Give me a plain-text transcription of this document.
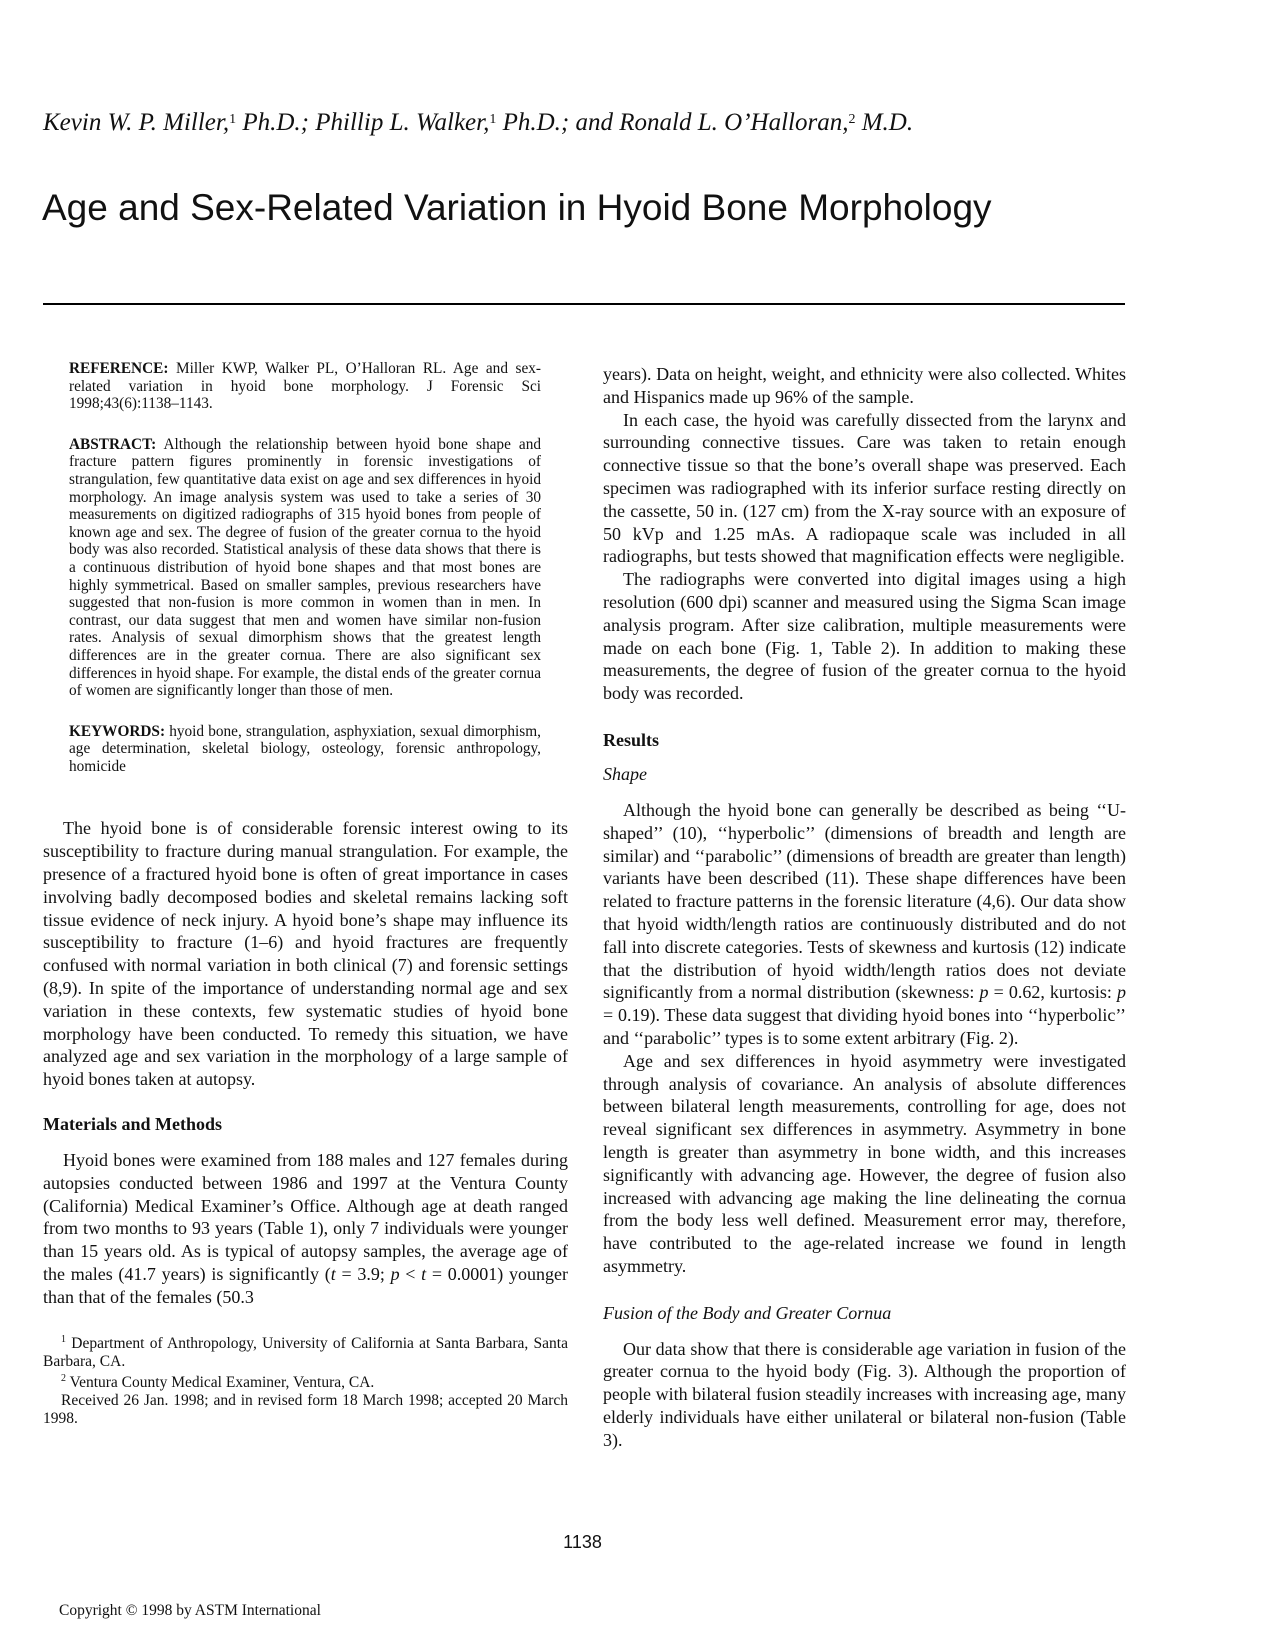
Kevin W. P. Miller,$^1$ Ph.D.; Phillip L. Walker,$^1$ Ph.D.; and Ronald L. O’Halloran,$^2$ M.D.
Age and Sex-Related Variation in Hyoid Bone Morphology

REFERENCE: Miller KWP, Walker PL, O’Halloran RL. Age and sex-related variation in hyoid bone morphology. J Forensic Sci 1998;43(6):1138–1143.

ABSTRACT: Although the relationship between hyoid bone shape and fracture pattern figures prominently in forensic investigations of strangulation, few quantitative data exist on age and sex differences in hyoid morphology. An image analysis system was used to take a series of 30 measurements on digitized radiographs of 315 hyoid bones from people of known age and sex. The degree of fusion of the greater cornua to the hyoid body was also recorded. Statistical analysis of these data shows that there is a continuous distribution of hyoid bone shapes and that most bones are highly symmetrical. Based on smaller samples, previous researchers have suggested that non-fusion is more common in women than in men. In contrast, our data suggest that men and women have similar non-fusion rates. Analysis of sexual dimorphism shows that the greatest length differences are in the greater cornua. There are also significant sex differences in hyoid shape. For example, the distal ends of the greater cornua of women are significantly longer than those of men.

KEYWORDS: hyoid bone, strangulation, asphyxiation, sexual dimorphism, age determination, skeletal biology, osteology, forensic anthropology, homicide

The hyoid bone is of considerable forensic interest owing to its susceptibility to fracture during manual strangulation. For example, the presence of a fractured hyoid bone is often of great importance in cases involving badly decomposed bodies and skeletal remains lacking soft tissue evidence of neck injury. A hyoid bone’s shape may influence its susceptibility to fracture (1–6) and hyoid fractures are frequently confused with normal variation in both clinical (7) and forensic settings (8,9). In spite of the importance of understanding normal age and sex variation in these contexts, few systematic studies of hyoid bone morphology have been conducted. To remedy this situation, we have analyzed age and sex variation in the morphology of a large sample of hyoid bones taken at autopsy.

Materials and Methods

Hyoid bones were examined from 188 males and 127 females during autopsies conducted between 1986 and 1997 at the Ventura County (California) Medical Examiner’s Office. Although age at death ranged from two months to 93 years (Table 1), only 7 individuals were younger than 15 years old. As is typical of autopsy samples, the average age of the males (41.7 years) is significantly (t = 3.9; p < t = 0.0001) younger than that of the females (50.3

$^1$ Department of Anthropology, University of California at Santa Barbara, Santa Barbara, CA.

$^2$ Ventura County Medical Examiner, Ventura, CA.

Received 26 Jan. 1998; and in revised form 18 March 1998; accepted 20 March 1998.

years). Data on height, weight, and ethnicity were also collected. Whites and Hispanics made up 96% of the sample.

In each case, the hyoid was carefully dissected from the larynx and surrounding connective tissues. Care was taken to retain enough connective tissue so that the bone’s overall shape was preserved. Each specimen was radiographed with its inferior surface resting directly on the cassette, 50 in. (127 cm) from the X-ray source with an exposure of 50 kVp and 1.25 mAs. A radiopaque scale was included in all radiographs, but tests showed that magnification effects were negligible.

The radiographs were converted into digital images using a high resolution (600 dpi) scanner and measured using the Sigma Scan image analysis program. After size calibration, multiple measurements were made on each bone (Fig. 1, Table 2). In addition to making these measurements, the degree of fusion of the greater cornua to the hyoid body was recorded.

Results

Shape

Although the hyoid bone can generally be described as being ‘‘U-shaped’’ (10), ‘‘hyperbolic’’ (dimensions of breadth and length are similar) and ‘‘parabolic’’ (dimensions of breadth are greater than length) variants have been described (11). These shape differences have been related to fracture patterns in the forensic literature (4,6). Our data show that hyoid width/length ratios are continuously distributed and do not fall into discrete categories. Tests of skewness and kurtosis (12) indicate that the distribution of hyoid width/length ratios does not deviate significantly from a normal distribution (skewness: p = 0.62, kurtosis: p = 0.19). These data suggest that dividing hyoid bones into ‘‘hyperbolic’’ and ‘‘parabolic’’ types is to some extent arbitrary (Fig. 2).

Age and sex differences in hyoid asymmetry were investigated through analysis of covariance. An analysis of absolute differences between bilateral length measurements, controlling for age, does not reveal significant sex differences in asymmetry. Asymmetry in bone length is greater than asymmetry in bone width, and this increases significantly with advancing age. However, the degree of fusion also increased with advancing age making the line delineating the cornua from the body less well defined. Measurement error may, therefore, have contributed to the age-related increase we found in length asymmetry.

Fusion of the Body and Greater Cornua

Our data show that there is considerable age variation in fusion of the greater cornua to the hyoid body (Fig. 3). Although the proportion of people with bilateral fusion steadily increases with increasing age, many elderly individuals have either unilateral or bilateral non-fusion (Table 3).

1138
Copyright © 1998 by ASTM International
